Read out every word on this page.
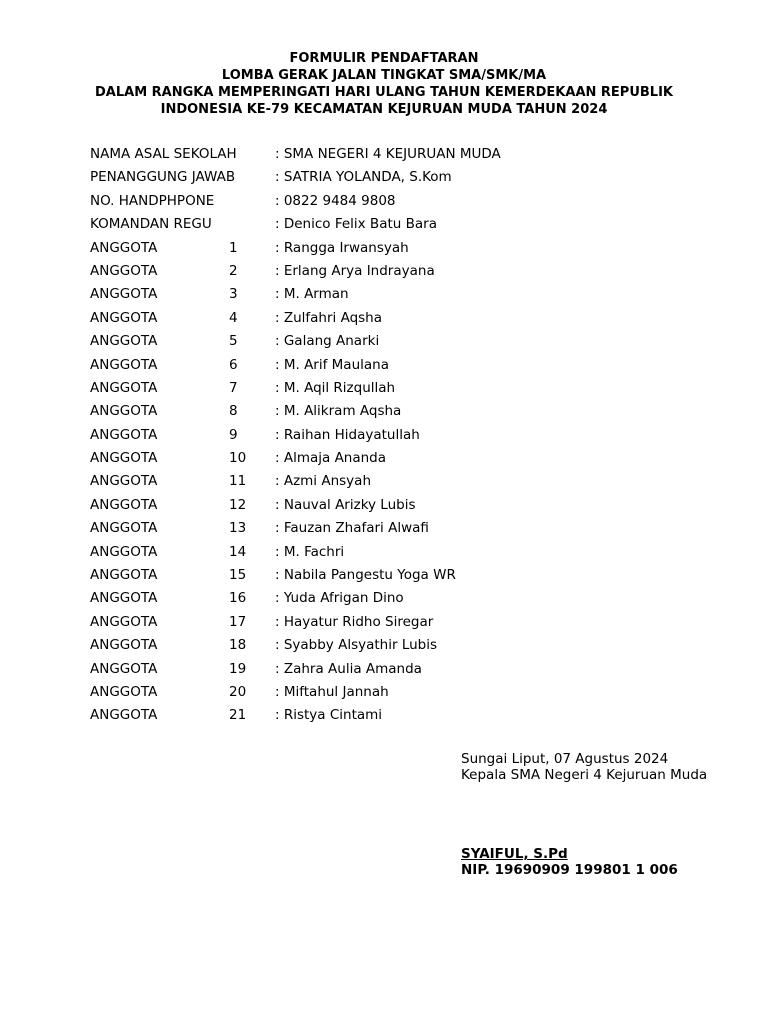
FORMULIR PENDAFTARAN
LOMBA GERAK JALAN TINGKAT SMA/SMK/MA
DALAM RANGKA MEMPERINGATI HARI ULANG TAHUN KEMERDEKAAN REPUBLIK
INDONESIA KE-79 KECAMATAN KEJURUAN MUDA TAHUN 2024
NAMA ASAL SEKOLAH	: SMA NEGERI 4 KEJURUAN MUDA
PENANGGUNG JAWAB	: SATRIA YOLANDA, S.Kom
NO. HANDPHPONE	: 0822 9484 9808
KOMANDAN REGU	: Denico Felix Batu Bara
ANGGOTA	1	: Rangga Irwansyah
ANGGOTA	2	: Erlang Arya Indrayana
ANGGOTA	3	: M. Arman
ANGGOTA	4	: Zulfahri Aqsha
ANGGOTA	5	: Galang Anarki
ANGGOTA	6	: M. Arif Maulana
ANGGOTA	7	: M. Aqil Rizqullah
ANGGOTA	8	: M. Alikram Aqsha
ANGGOTA	9	: Raihan Hidayatullah
ANGGOTA	10 : Almaja Ananda
ANGGOTA	11 : Azmi Ansyah
ANGGOTA	12 : Nauval Arizky Lubis
ANGGOTA	13 : Fauzan Zhafari Alwafi
ANGGOTA	14 : M. Fachri
ANGGOTA	15 : Nabila Pangestu Yoga WR
ANGGOTA	16 : Yuda Afrigan Dino
ANGGOTA	17 : Hayatur Ridho Siregar
ANGGOTA	18 : Syabby Alsyathir Lubis
ANGGOTA	19 : Zahra Aulia Amanda
ANGGOTA	20 : Miftahul Jannah
ANGGOTA	21 : Ristya Cintami
Sungai Liput, 07 Agustus 2024
Kepala SMA Negeri 4 Kejuruan Muda
SYAIFUL, S.Pd
NIP. 19690909 199801 1 006
